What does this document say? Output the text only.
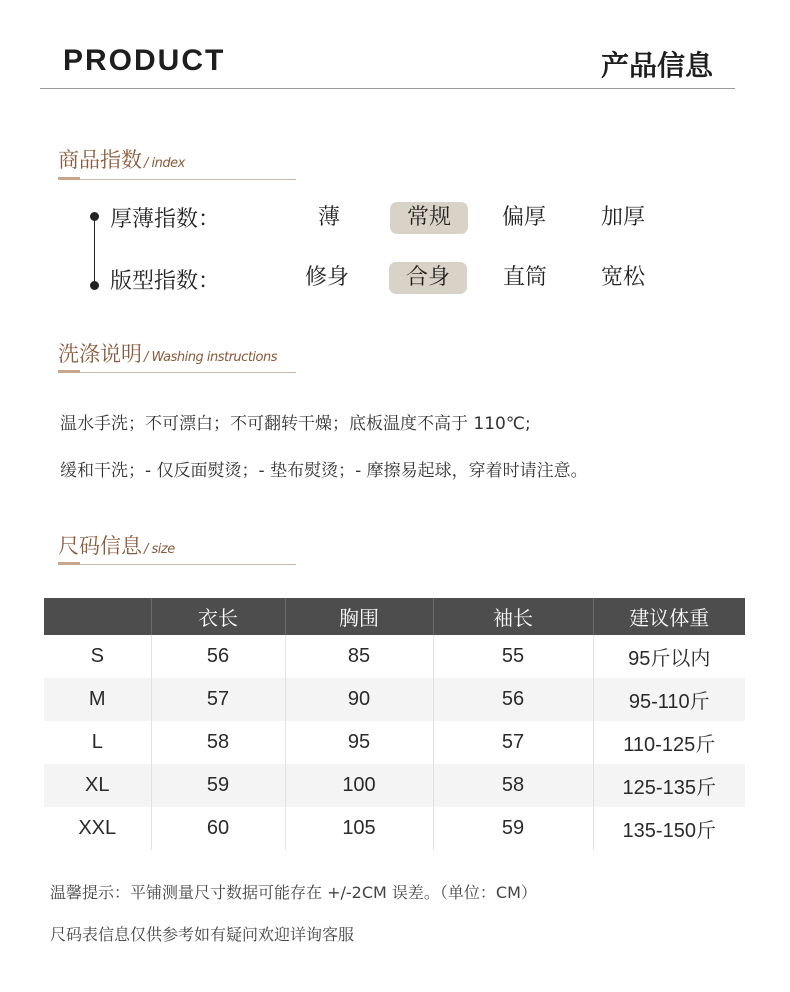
PRODUCT	产品信息
商品指数 / index
厚薄指数：	薄	常规	偏厚	加厚
版型指数：	修身	合身	直筒	宽松
洗涤说明 / Washing instructions
温水手洗；不可漂白；不可翻转干燥；底板温度不高于 110℃;
缓和干洗；- 仅反面熨烫；- 垫布熨烫；- 摩擦易起球，穿着时请注意。
尺码信息 / size
	衣长	胸围	袖长	建议体重
S	56	85	55	95斤以内
M	57	90	56	95-110斤
L	58	95	57	110-125斤
XL	59	100	58	125-135斤
XXL	60	105	59	135-150斤
温馨提示：平铺测量尺寸数据可能存在 +/-2CM 误差。（单位：CM）
尺码表信息仅供参考如有疑问欢迎详询客服
